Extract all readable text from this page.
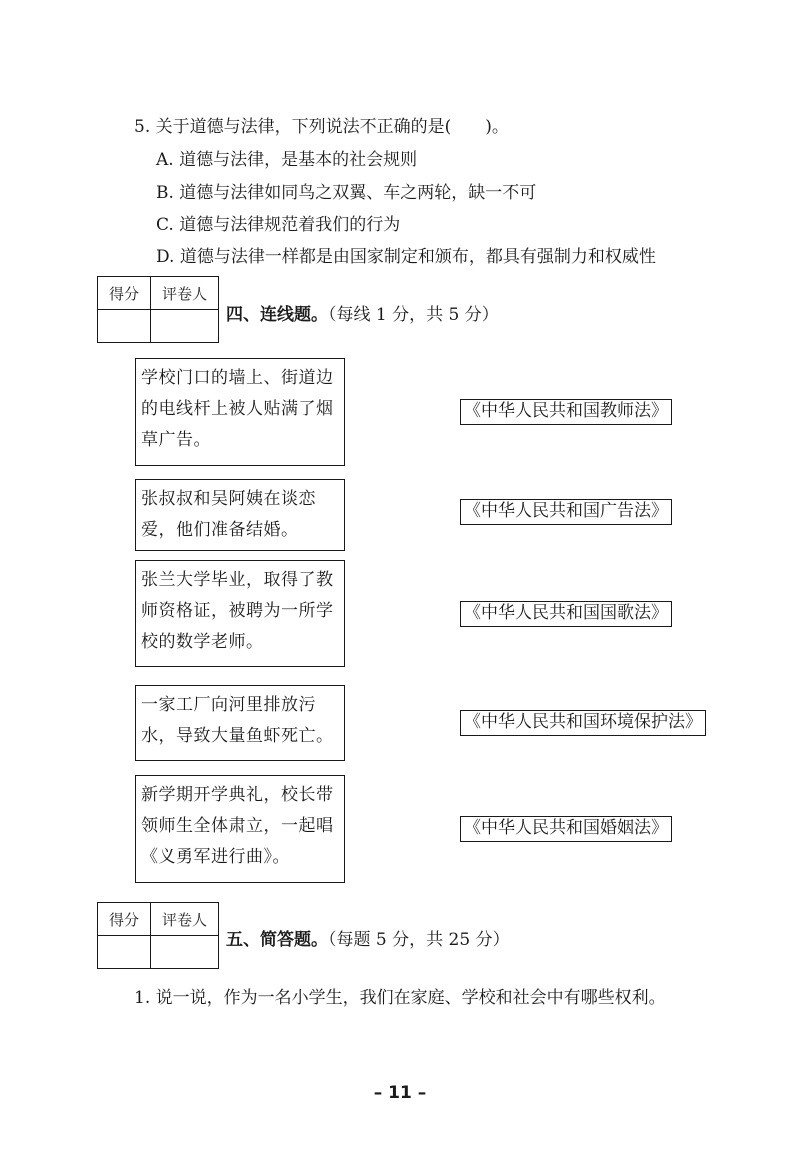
5. 关于道德与法律，下列说法不正确的是(　　)。
A. 道德与法律，是基本的社会规则
B. 道德与法律如同鸟之双翼、车之两轮，缺一不可
C. 道德与法律规范着我们的行为
D. 道德与法律一样都是由国家制定和颁布，都具有强制力和权威性
得分	评卷人

四、连线题。（每线 1 分，共 5 分）
学校门口的墙上、街道边的电线杆上被人贴满了烟草广告。
张叔叔和吴阿姨在谈恋爱，他们准备结婚。
张兰大学毕业，取得了教师资格证，被聘为一所学校的数学老师。
一家工厂向河里排放污水，导致大量鱼虾死亡。
新学期开学典礼，校长带领师生全体肃立，一起唱《义勇军进行曲》。
《中华人民共和国教师法》
《中华人民共和国广告法》
《中华人民共和国国歌法》
《中华人民共和国环境保护法》
《中华人民共和国婚姻法》
得分	评卷人

五、简答题。（每题 5 分，共 25 分）
1. 说一说，作为一名小学生，我们在家庭、学校和社会中有哪些权利。
– 11 –
